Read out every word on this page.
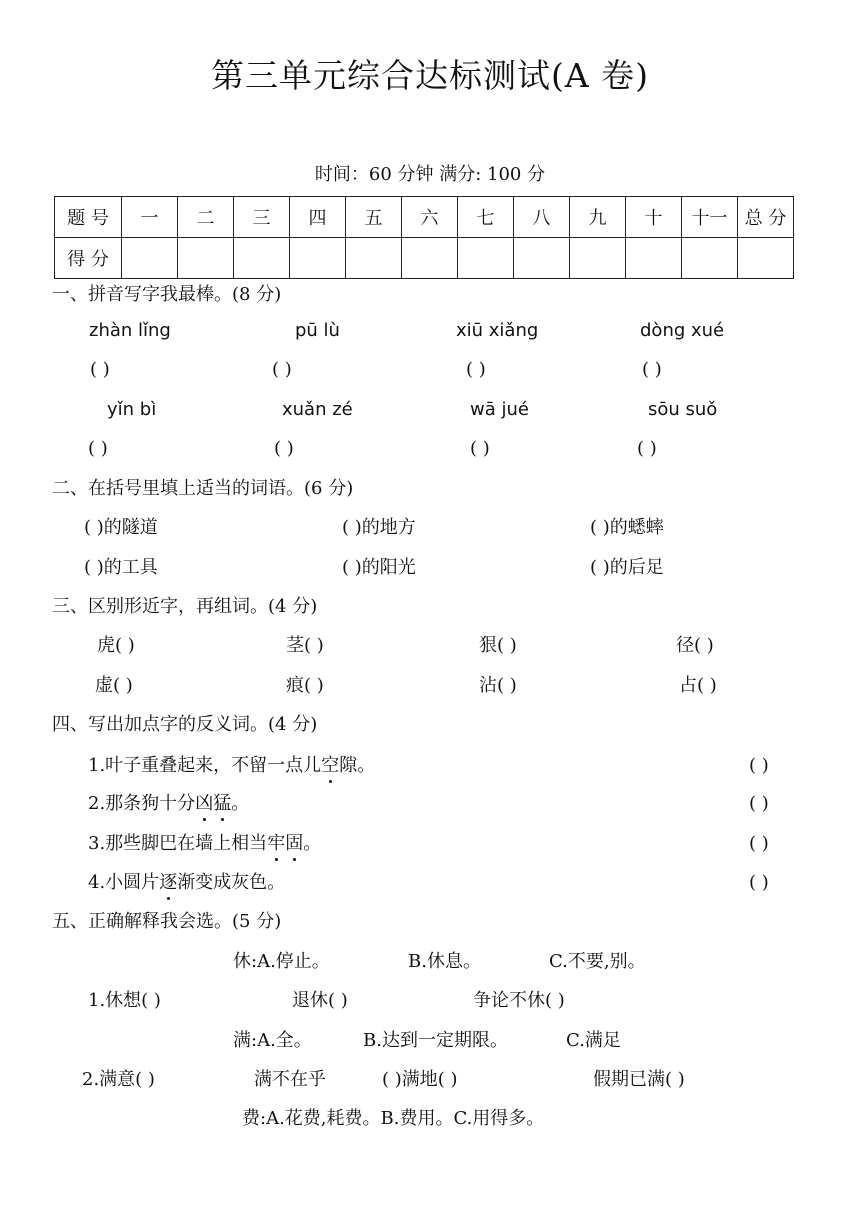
第三单元综合达标测试(A 卷)
时间：60 分钟 满分: 100 分
题 号	一	二	三	四	五	六	七	八	九	十	十一	总 分
得 分												
一、拼音写字我最棒。(8 分)
zhàn lǐng	pū lù	xiū xiǎng	dòng xué
( )	( )	( )	( )
yǐn bì	xuǎn zé	wā jué	sōu suǒ
( )	( )	( )	( )
二、在括号里填上适当的词语。(6 分)
( )的隧道	( )的地方	( )的蟋蟀
( )的工具	( )的阳光	( )的后足
三、区别形近字，再组词。(4 分)
虎( )	茎( )	狠( )	径( )
虚( )	痕( )	沾( )	占( )
四、写出加点字的反义词。(4 分)
1.叶子重叠起来，不留一点儿空隙。	( )
2.那条狗十分凶猛。	( )
3.那些脚巴在墙上相当牢固。	( )
4.小圆片逐渐变成灰色。	( )
五、正确解释我会选。(5 分)
休:A.停止。	B.休息。	C.不要,别。
1.休想( )	退休( )	争论不休( )
满:A.全。	B.达到一定期限。	C.满足
2.满意( )	满不在乎	( )满地( )	假期已满( )
费:A.花费,耗费。B.费用。C.用得多。
